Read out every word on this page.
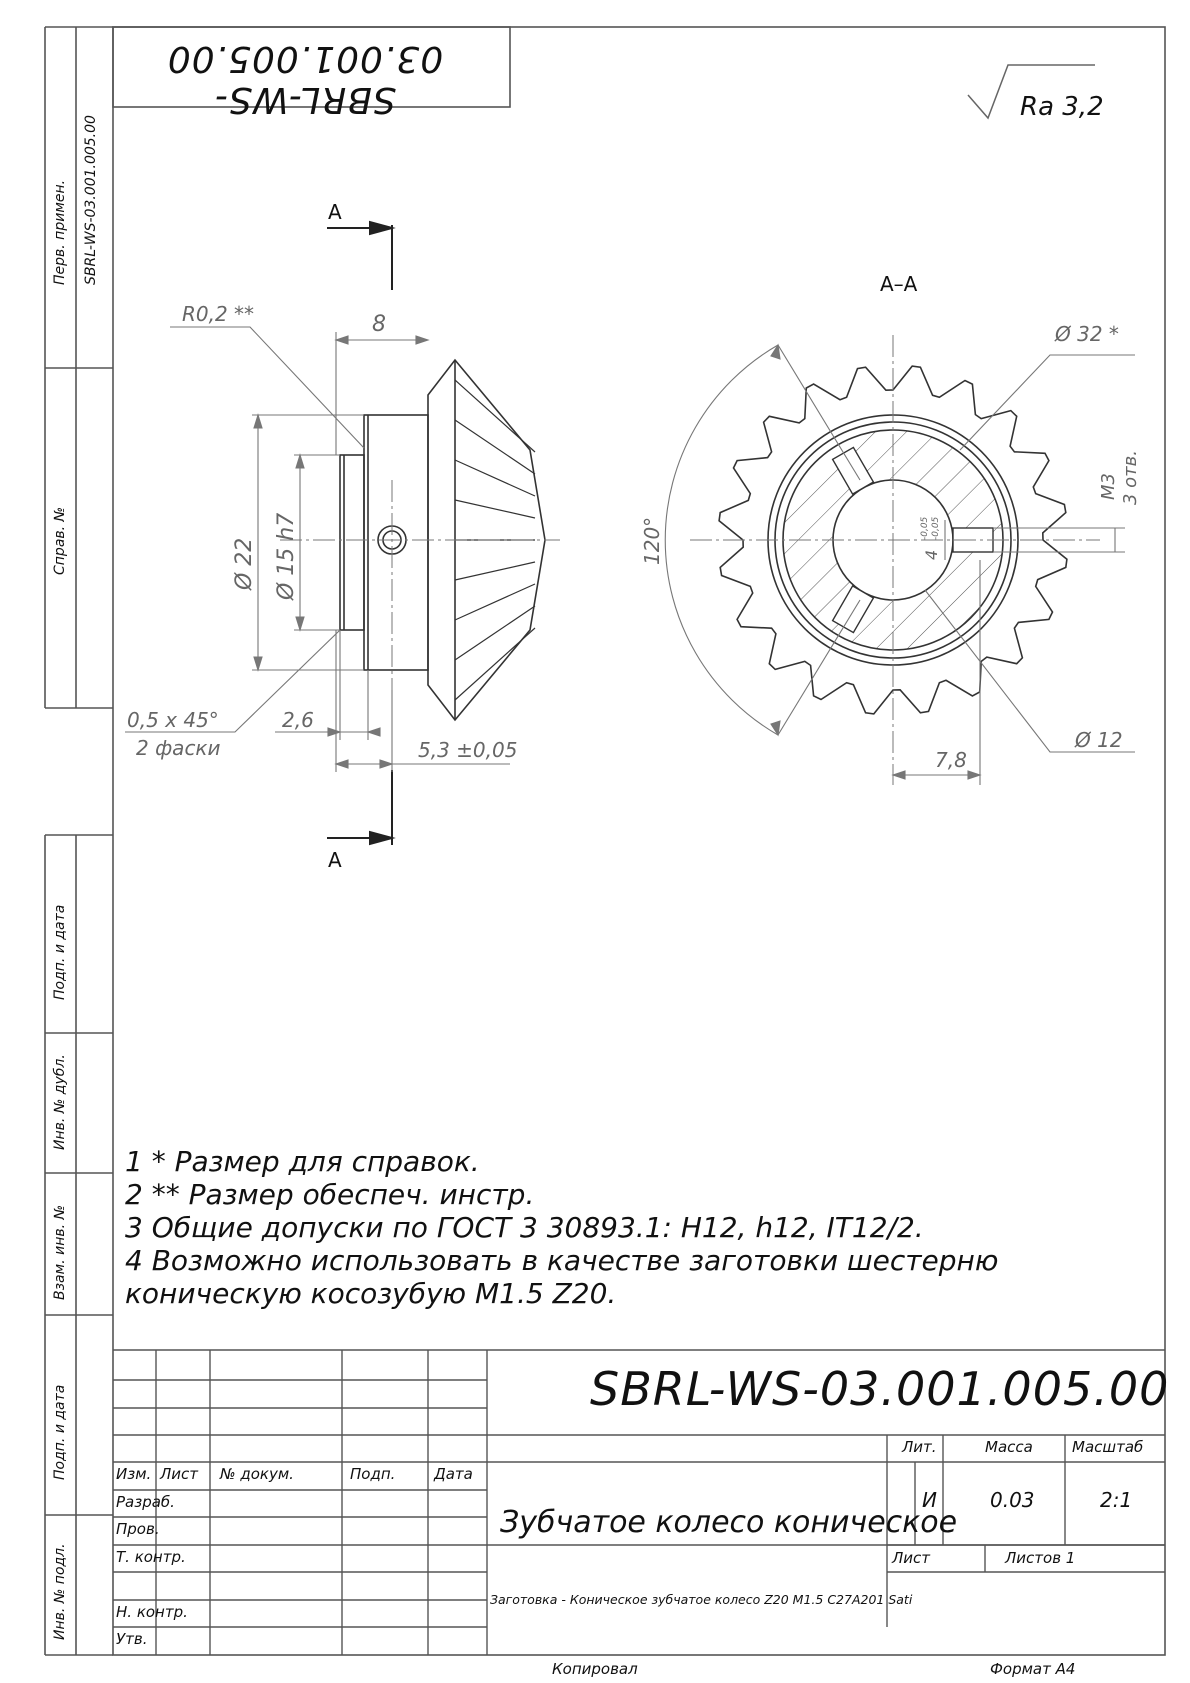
SBRL-WS-03.001.005.00
Ra 3,2
Перв. примен. SBRL-WS-03.001.005.00
Справ. №
Подп. и дата
Инв. № дубл.
Взам. инв. №
Подп. и дата
Инв. № подл.
A
A
A–A
R0,2 **	8
Ø 22 Ø 15 h7
0,5 x 45°
2 фаски
2,6
5,3 ±0,05
Ø 32 *
M3 3 отв.
120°
7,8
Ø 12
4
-0,05 -0,05
1 * Размер для справок.
2 ** Размер обеспеч. инстр.
3 Общие допуски по ГОСТ 3 30893.1: H12, h12, IT12/2.
4 Возможно использовать в качестве заготовки шестерню
коническую косозубую M1.5 Z20.
SBRL-WS-03.001.005.00
Зубчатое колесо коническое
Заготовка - Коническое зубчатое колесо Z20 M1.5 C27A201 Sati
Изм. Лист № докум.	Подп.	Дата
Разраб.
Пров.
Т. контр.
Н. контр.
Утв.
Лит.	Масса	Масштаб
И	0.03	2:1
Лист	Листов 1
Копировал	Формат A4
